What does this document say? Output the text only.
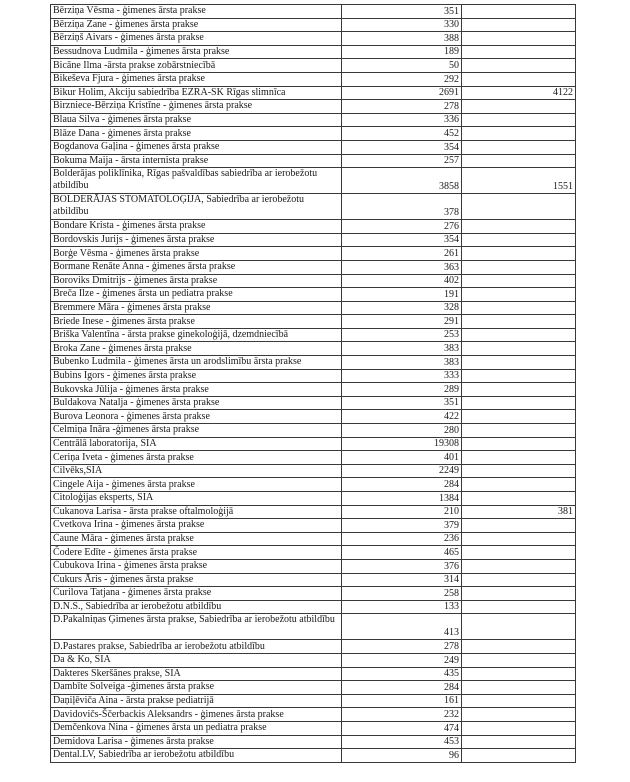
Bērziņa Vēsma - ģimenes ārsta prakse	351	
Bērziņa Zane - ģimenes ārsta prakse	330	
Bērziņš Aivars - ģimenes ārsta prakse	388	
Bessudnova Ludmila - ģimenes ārsta prakse	189	
Bicāne Ilma -ārsta prakse zobārstniecībā	50	
Bikeševa Fjura - ģimenes ārsta prakse	292	
Bikur Holim, Akciju sabiedrība EZRA-SK Rīgas slimnīca	2691	4122
Birzniece-Bērziņa Kristīne - ģimenes ārsta prakse	278	
Blaua Silva - ģimenes ārsta prakse	336	
Blāze Dana - ģimenes ārsta prakse	452	
Bogdanova Gaļina - ģimenes ārsta prakse	354	
Bokuma Maija - ārsta internista prakse	257	
Bolderājas poliklīnika, Rīgas pašvaldības sabiedrība ar ierobežotu atbildību	3858	1551
BOLDERĀJAS STOMATOLOĢIJA, Sabiedrība ar ierobežotu atbildību	378	
Bondare Krista - ģimenes ārsta prakse	276	
Bordovskis Jurijs - ģimenes ārsta prakse	354	
Borģe Vēsma - ģimenes ārsta prakse	261	
Bormane Renāte Anna - ģimenes ārsta prakse	363	
Boroviks Dmitrijs - ģimenes ārsta prakse	402	
Breča Ilze - ģimenes ārsta un pediatra prakse	191	
Bremmere Māra - ģimenes ārsta prakse	328	
Briede Inese - ģimenes ārsta prakse	291	
Briška Valentīna - ārsta prakse ginekoloģijā, dzemdniecībā	253	
Broka Zane - ģimenes ārsta prakse	383	
Bubenko Ludmila - ģimenes ārsta un arodslimību ārsta prakse	383	
Bubins Igors - ģimenes ārsta prakse	333	
Bukovska Jūlija - ģimenes ārsta prakse	289	
Buldakova Natalja - ģimenes ārsta prakse	351	
Burova Leonora - ģimenes ārsta prakse	422	
Celmiņa Ināra -ģimenes ārsta prakse	280	
Centrālā laboratorija, SIA	19308	
Ceriņa Iveta - ģimenes ārsta prakse	401	
Cilvēks,SIA	2249	
Cingele Aija - ģimenes ārsta prakse	284	
Citoloģijas eksperts, SIA	1384	
Cukanova Larisa - ārsta prakse oftalmoloģijā	210	381
Cvetkova Irina - ģimenes ārsta prakse	379	
Čaune Māra - ģimenes ārsta prakse	236	
Čodere Edīte - ģimenes ārsta prakse	465	
Čubukova Irina - ģimenes ārsta prakse	376	
Čukurs Āris - ģimenes ārsta prakse	314	
Čurilova Tatjana - ģimenes ārsta prakse	258	
D.N.S., Sabiedrība ar ierobežotu atbildību	133	
D.Pakalniņas Ģimenes ārsta prakse, Sabiedrība ar ierobežotu atbildību	413	
D.Pastares prakse, Sabiedrība ar ierobežotu atbildību	278	
Da & Ko, SIA	249	
Dakteres Skeršānes prakse, SIA	435	
Dambīte Solveiga -ģimenes ārsta prakse	284	
Daņiļēviča Aina - ārsta prakse pediatrijā	161	
Davidovičs-Ščerbackis Aleksandrs - ģimenes ārsta prakse	232	
Demčenkova Nina - ģimenes ārsta un pediatra prakse	474	
Demidova Larisa - ģimenes ārsta prakse	453	
Dental.LV, Sabiedrība ar ierobežotu atbildību	96	
